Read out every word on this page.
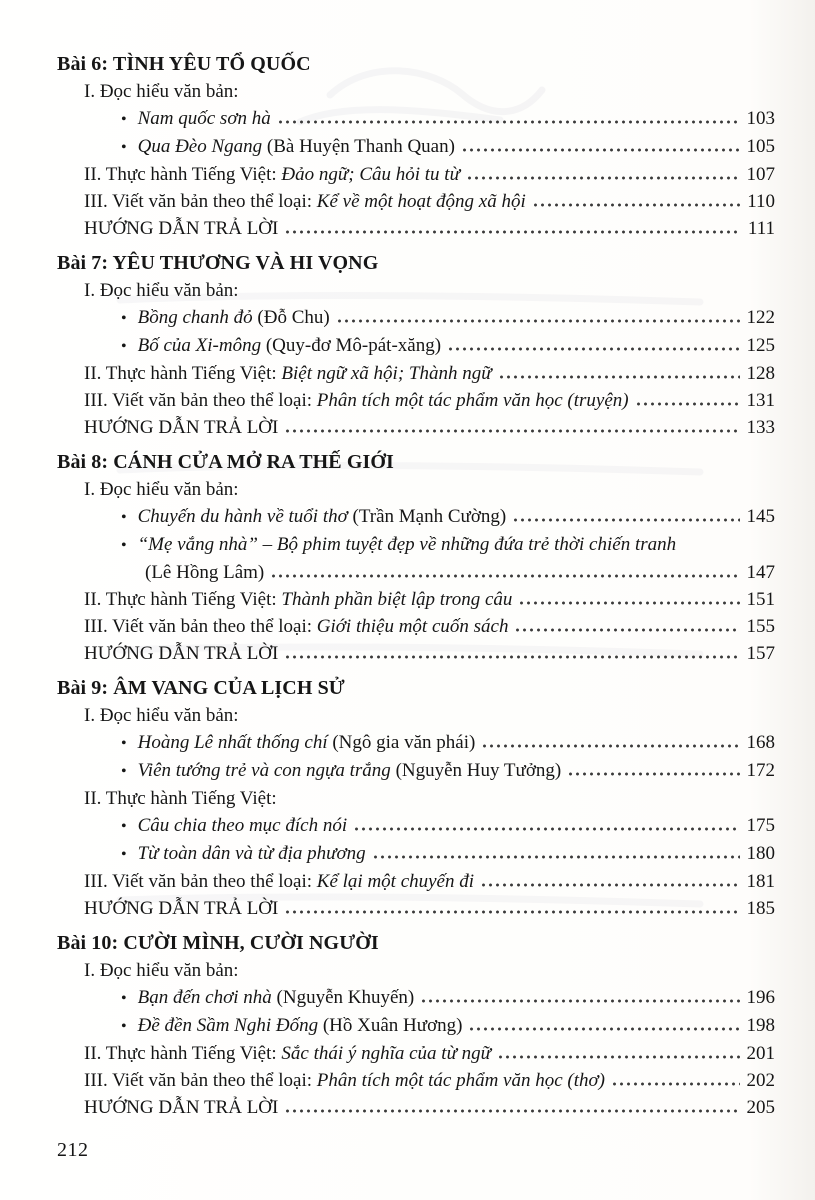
Bài 6: TÌNH YÊU TỔ QUỐC
I. Đọc hiểu văn bản:
• Nam quốc sơn hà	103
• Qua Đèo Ngang (Bà Huyện Thanh Quan)	105
II. Thực hành Tiếng Việt: Đảo ngữ; Câu hỏi tu từ	107
III. Viết văn bản theo thể loại: Kể về một hoạt động xã hội	110
HƯỚNG DẪN TRẢ LỜI	111
Bài 7: YÊU THƯƠNG VÀ HI VỌNG
I. Đọc hiểu văn bản:
• Bồng chanh đỏ (Đỗ Chu)	122
• Bố của Xi-mông (Quy-đơ Mô-pát-xăng)	125
II. Thực hành Tiếng Việt: Biệt ngữ xã hội; Thành ngữ	128
III. Viết văn bản theo thể loại: Phân tích một tác phẩm văn học (truyện)	131
HƯỚNG DẪN TRẢ LỜI	133
Bài 8: CÁNH CỬA MỞ RA THẾ GIỚI
I. Đọc hiểu văn bản:
• Chuyến du hành về tuổi thơ (Trần Mạnh Cường)	145
• “Mẹ vắng nhà” – Bộ phim tuyệt đẹp về những đứa trẻ thời chiến tranh
(Lê Hồng Lâm)	147
II. Thực hành Tiếng Việt: Thành phần biệt lập trong câu	151
III. Viết văn bản theo thể loại: Giới thiệu một cuốn sách	155
HƯỚNG DẪN TRẢ LỜI	157
Bài 9: ÂM VANG CỦA LỊCH SỬ
I. Đọc hiểu văn bản:
• Hoàng Lê nhất thống chí (Ngô gia văn phái)	168
• Viên tướng trẻ và con ngựa trắng (Nguyễn Huy Tưởng)	172
II. Thực hành Tiếng Việt:
• Câu chia theo mục đích nói	175
• Từ toàn dân và từ địa phương	180
III. Viết văn bản theo thể loại: Kể lại một chuyến đi	181
HƯỚNG DẪN TRẢ LỜI	185
Bài 10: CƯỜI MÌNH, CƯỜI NGƯỜI
I. Đọc hiểu văn bản:
• Bạn đến chơi nhà (Nguyễn Khuyến)	196
• Đề đền Sầm Nghi Đống (Hồ Xuân Hương)	198
II. Thực hành Tiếng Việt: Sắc thái ý nghĩa của từ ngữ	201
III. Viết văn bản theo thể loại: Phân tích một tác phẩm văn học (thơ)	202
HƯỚNG DẪN TRẢ LỜI	205
212
